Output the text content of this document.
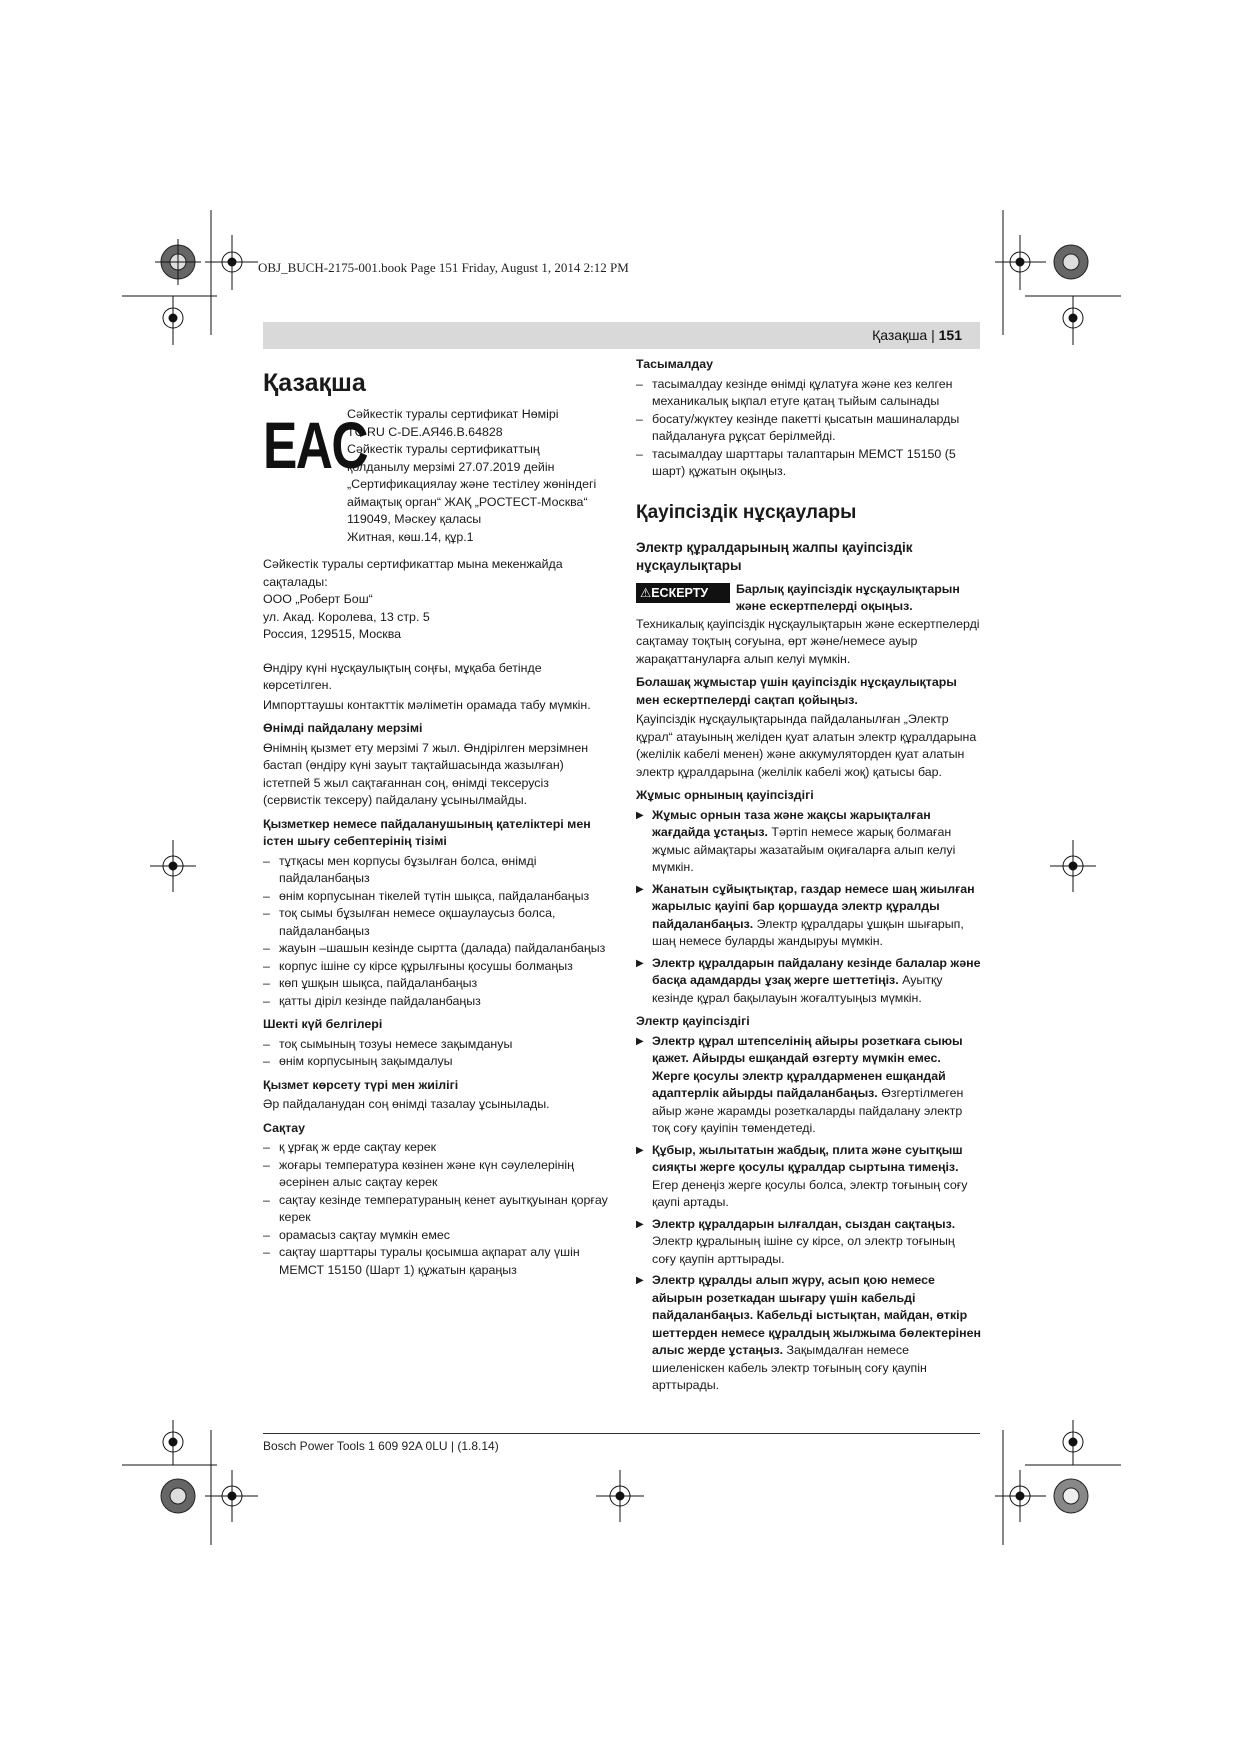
OBJ_BUCH-2175-001.book Page 151 Friday, August 1, 2014 2:12 PM
Қазақша | 151
Қазақша
EAC
Сәйкестік туралы сертификат Нөмірі
TC RU C-DE.AЯ46.B.64828
Сәйкестік туралы сертификаттың
қолданылу мерзімі 27.07.2019 дейін
„Сертификациялау және тестілеу жөніндегі
аймақтық орган“ ЖАҚ „РОСТЕСТ-Москва“
119049, Мәскеу қаласы
Житная, көш.14, құр.1
Сәйкестік туралы сертификаттар мына мекенжайда сақталады:
ООО „Роберт Бош“
ул. Акад. Королева, 13 стр. 5
Россия, 129515, Москва
Өндіру күні нұсқаулықтың соңғы, мұқаба бетінде көрсетілген.
Импорттаушы контакттік мәліметін орамада табу мүмкін.
Өнімді пайдалану мерзімі
Өнімнің қызмет ету мерзімі 7 жыл. Өндірілген мерзімнен бастап (өндіру күні зауыт тақтайшасында жазылған) істетпей 5 жыл сақтағаннан соң, өнімді тексерусіз (сервистік тексеру) пайдалану ұсынылмайды.
Қызметкер немесе пайдаланушының қателіктері мен істен шығу себептерінің тізімі
– тұтқасы мен корпусы бұзылған болса, өнімді пайдаланбаңыз
– өнім корпусынан тікелей түтін шықса, пайдаланбаңыз
– тоқ сымы бұзылған немесе оқшаулаусыз болса, пайдаланбаңыз
– жауын –шашын кезінде сыртта (далада) пайдаланбаңыз
– корпус ішіне су кірсе құрылғыны қосушы болмаңыз
– көп ұшқын шықса, пайдаланбаңыз
– қатты діріл кезінде пайдаланбаңыз
Шекті күй белгілері
– тоқ сымының тозуы немесе зақымдануы
– өнім корпусының зақымдалуы
Қызмет көрсету түрі мен жиілігі
Әр пайдаланудан соң өнімді тазалау ұсынылады.
Сақтау
– қ ұрғақ ж ерде сақтау керек
– жоғары температура көзінен және күн сәулелерінің әсерінен алыс сақтау керек
– сақтау кезінде температураның кенет ауытқуынан қорғау керек
– орамасыз сақтау мүмкін емес
– сақтау шарттары туралы қосымша ақпарат алу үшін МЕМСТ 15150 (Шарт 1) құжатын қараңыз
Тасымалдау
– тасымалдау кезінде өнімді құлатуға және кез келген механикалық ықпал етуге қатаң тыйым салынады
– босату/жүктеу кезінде пакетті қысатын машиналарды пайдалануға рұқсат берілмейді.
– тасымалдау шарттары талаптарын МЕМСТ 15150 (5 шарт) құжатын оқыңыз.
Қауіпсіздік нұсқаулары
Электр құралдарының жалпы қауіпсіздік нұсқаулықтары
⚠ЕСКЕРТУ	Барлық қауіпсіздік нұсқаулықтарын және ескертпелерді оқыңыз.
Техникалық қауіпсіздік нұсқаулықтарын және ескертпелерді сақтамау тоқтың соғуына, өрт және/немесе ауыр жарақаттануларға алып келуі мүмкін.
Болашақ жұмыстар үшін қауіпсіздік нұсқаулықтары мен ескертпелерді сақтап қойыңыз.
Қауіпсіздік нұсқаулықтарында пайдаланылған „Электр құрал“ атауының желіден қуат алатын электр құралдарына (желілік кабелі менен) және аккумуляторден қуат алатын электр құралдарына (желілік кабелі жоқ) қатысы бар.
Жұмыс орнының қауіпсіздігі
▶ Жұмыс орнын таза және жақсы жарықталған жағдайда ұстаңыз. Тәртіп немесе жарық болмаған жұмыс аймақтары жазатайым оқиғаларға алып келуі мүмкін.
▶ Жанатын сұйықтықтар, газдар немесе шаң жиылған жарылыс қауіпі бар қоршауда электр құралды пайдаланбаңыз. Электр құралдары ұшқын шығарып, шаң немесе буларды жандыруы мүмкін.
▶ Электр құралдарын пайдалану кезінде балалар және басқа адамдарды ұзақ жерге шеттетіңіз. Ауытқу кезінде құрал бақылауын жоғалтуыңыз мүмкін.
Электр қауіпсіздігі
▶ Электр құрал штепселінің айыры розеткаға сыюы қажет. Айырды ешқандай өзгерту мүмкін емес. Жерге қосулы электр құралдарменен ешқандай адаптерлік айырды пайдаланбаңыз. Өзгертілмеген айыр және жарамды розеткаларды пайдалану электр тоқ соғу қауіпін төмендетеді.
▶ Құбыр, жылытатын жабдық, плита және суытқыш сияқты жерге қосулы құралдар сыртына тимеңіз. Егер денеңіз жерге қосулы болса, электр тоғының соғу қаупі артады.
▶ Электр құралдарын ылғалдан, сыздан сақтаңыз. Электр құралының ішіне су кірсе, ол электр тоғының соғу қаупін арттырады.
▶ Электр құралды алып жүру, асып қою немесе айырын розеткадан шығару үшін кабельді пайдаланбаңыз. Кабельді ыстықтан, майдан, өткір шеттерден немесе құралдың жылжыма бөлектерінен алыс жерде ұстаңыз. Зақымдалған немесе шиеленіскен кабель электр тоғының соғу қаупін арттырады.
Bosch Power Tools 1 609 92A 0LU | (1.8.14)
